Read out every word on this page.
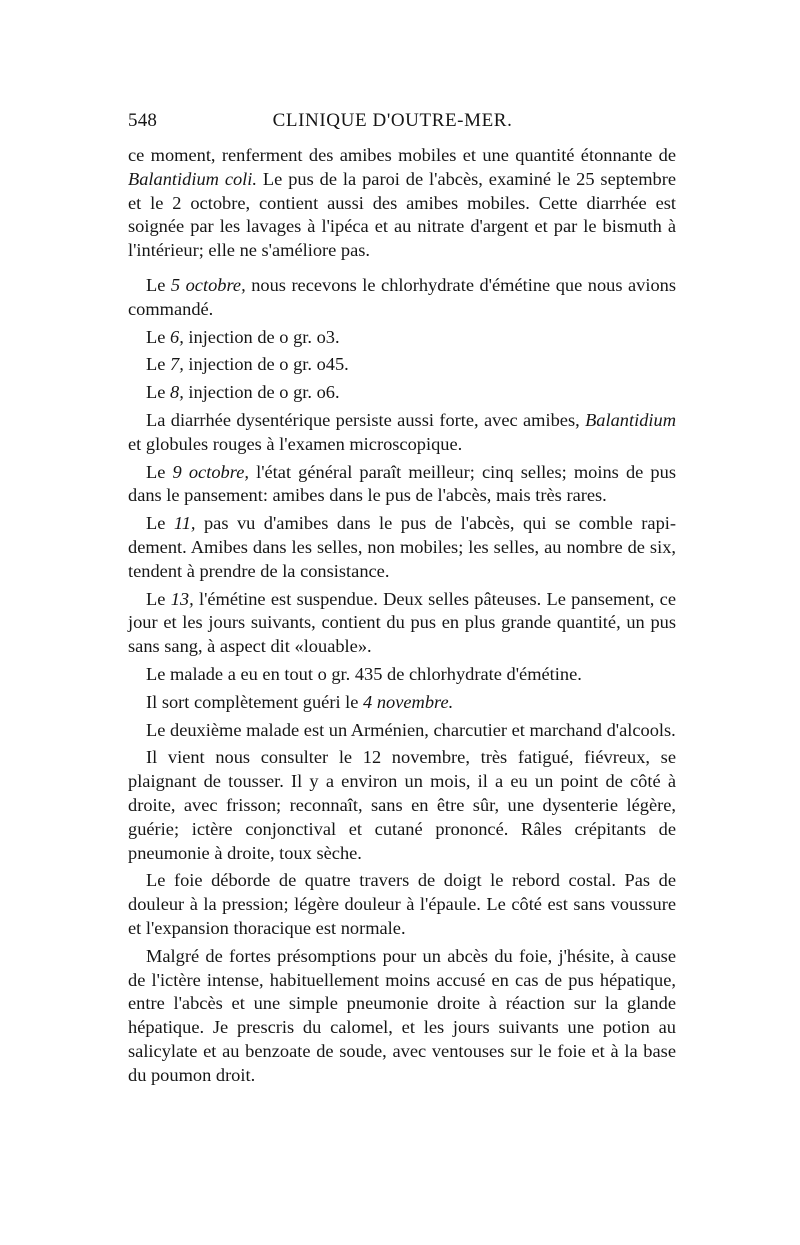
548	CLINIQUE D'OUTRE-MER.

ce moment, renferment des amibes mobiles et une quantité étonnante de Balantidium coli. Le pus de la paroi de l'abcès, examiné le 25 septembre et le 2 octobre, contient aussi des amibes mobiles. Cette diarrhée est soignée par les lavages à l'ipéca et au nitrate d'argent et par le bismuth à l'intérieur; elle ne s'améliore pas.

Le 5 octobre, nous recevons le chlorhydrate d'émétine que nous avions commandé.

Le 6, injection de o gr. o3.

Le 7, injection de o gr. o45.

Le 8, injection de o gr. o6.

La diarrhée dysentérique persiste aussi forte, avec amibes, Balantidium et globules rouges à l'examen microscopique.

Le 9 octobre, l'état général paraît meilleur; cinq selles; moins de pus dans le pansement: amibes dans le pus de l'abcès, mais très rares.

Le 11, pas vu d'amibes dans le pus de l'abcès, qui se comble rapidement. Amibes dans les selles, non mobiles; les selles, au nombre de six, tendent à prendre de la consistance.

Le 13, l'émétine est suspendue. Deux selles pâteuses. Le pansement, ce jour et les jours suivants, contient du pus en plus grande quantité, un pus sans sang, à aspect dit «louable».

Le malade a eu en tout o gr. 435 de chlorhydrate d'émétine.

Il sort complètement guéri le 4 novembre.

Le deuxième malade est un Arménien, charcutier et marchand d'alcools.

Il vient nous consulter le 12 novembre, très fatigué, fiévreux, se plaignant de tousser. Il y a environ un mois, il a eu un point de côté à droite, avec frisson; reconnaît, sans en être sûr, une dysenterie légère, guérie; ictère conjonctival et cutané prononcé. Râles crépitants de pneumonie à droite, toux sèche.

Le foie déborde de quatre travers de doigt le rebord costal. Pas de douleur à la pression; légère douleur à l'épaule. Le côté est sans voussure et l'expansion thoracique est normale.

Malgré de fortes présomptions pour un abcès du foie, j'hésite, à cause de l'ictère intense, habituellement moins accusé en cas de pus hépatique, entre l'abcès et une simple pneumonie droite à réaction sur la glande hépatique. Je prescris du calomel, et les jours suivants une potion au salicylate et au benzoate de soude, avec ventouses sur le foie et à la base du poumon droit.
